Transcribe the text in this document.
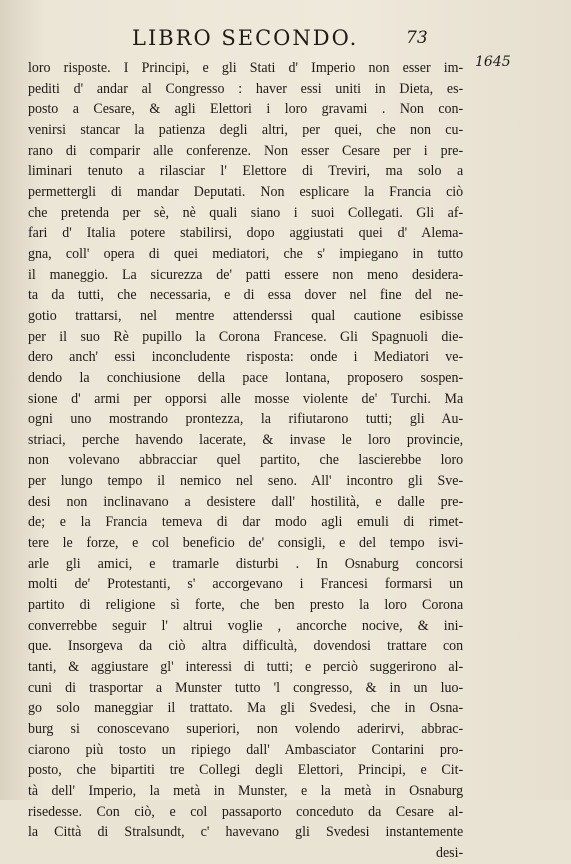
LIBRO SECONDO.	73
1645
loro risposte. I Principi, e gli Stati d' Imperio non esser im-
pediti d' andar al Congresso : haver essi uniti in Dieta, es-
posto a Cesare, & agli Elettori i loro gravami . Non con-
venirsi stancar la patienza degli altri, per quei, che non cu-
rano di comparir alle conferenze. Non esser Cesare per i pre-
liminari tenuto a rilasciar l' Elettore di Treviri, ma solo a
permettergli di mandar Deputati. Non esplicare la Francia ciò
che pretenda per sè, nè quali siano i suoi Collegati. Gli af-
fari d' Italia potere stabilirsi, dopo aggiustati quei d' Alema-
gna, coll' opera di quei mediatori, che s' impiegano in tutto
il maneggio. La sicurezza de' patti essere non meno desidera-
ta da tutti, che necessaria, e di essa dover nel fine del ne-
gotio trattarsi, nel mentre attenderssi qual cautione esibisse
per il suo Rè pupillo la Corona Francese. Gli Spagnuoli die-
dero anch' essi inconcludente risposta: onde i Mediatori ve-
dendo la conchiusione della pace lontana, proposero sospen-
sione d' armi per opporsi alle mosse violente de' Turchi. Ma
ogni uno mostrando prontezza, la rifiutarono tutti; gli Au-
striaci, perche havendo lacerate, & invase le loro provincie,
non volevano abbracciar quel partito, che lascierebbe loro
per lungo tempo il nemico nel seno. All' incontro gli Sve-
desi non inclinavano a desistere dall' hostilità, e dalle pre-
de; e la Francia temeva di dar modo agli emuli di rimet-
tere le forze, e col beneficio de' consigli, e del tempo isvi-
arle gli amici, e tramarle disturbi . In Osnaburg concorsi
molti de' Protestanti, s' accorgevano i Francesi formarsi un
partito di religione sì forte, che ben presto la loro Corona
converrebbe seguir l' altrui voglie , ancorche nocive, & ini-
que. Insorgeva da ciò altra difficultà, dovendosi trattare con
tanti, & aggiustare gl' interessi di tutti; e perciò suggerirono al-
cuni di trasportar a Munster tutto 'l congresso, & in un luo-
go solo maneggiar il trattato. Ma gli Svedesi, che in Osna-
burg si conoscevano superiori, non volendo aderirvi, abbrac-
ciarono più tosto un ripiego dall' Ambasciator Contarini pro-
posto, che bipartiti tre Collegi degli Elettori, Principi, e Cit-
tà dell' Imperio, la metà in Munster, e la metà in Osnaburg
risedesse. Con ciò, e col passaporto conceduto da Cesare al-
la Città di Stralsundt, c' havevano gli Svedesi instantemente
desi-
